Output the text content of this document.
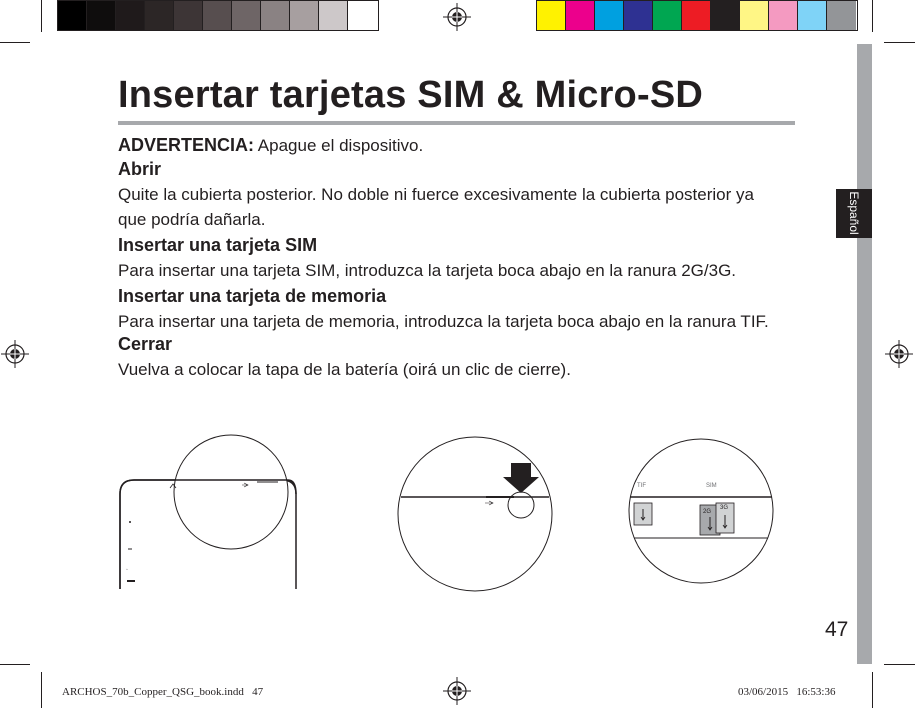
Español
Insertar tarjetas SIM & Micro-SD
ADVERTENCIA: Apague el dispositivo.
Abrir
Quite la cubierta posterior. No doble ni fuerce excesivamente la cubierta posterior ya
que podría dañarla.
Insertar una tarjeta SIM
Para insertar una tarjeta SIM, introduzca la tarjeta boca abajo en la ranura 2G/3G.
Insertar una tarjeta de memoria
Para insertar una tarjeta de memoria, introduzca la tarjeta boca abajo en la ranura TIF.
Cerrar
Vuelva a colocar la tapa de la batería (oirá un clic de cierre).
◦
TIF	SIM
2G
3G
47
ARCHOS_70b_Copper_QSG_book.indd   47	03/06/2015   16:53:36
